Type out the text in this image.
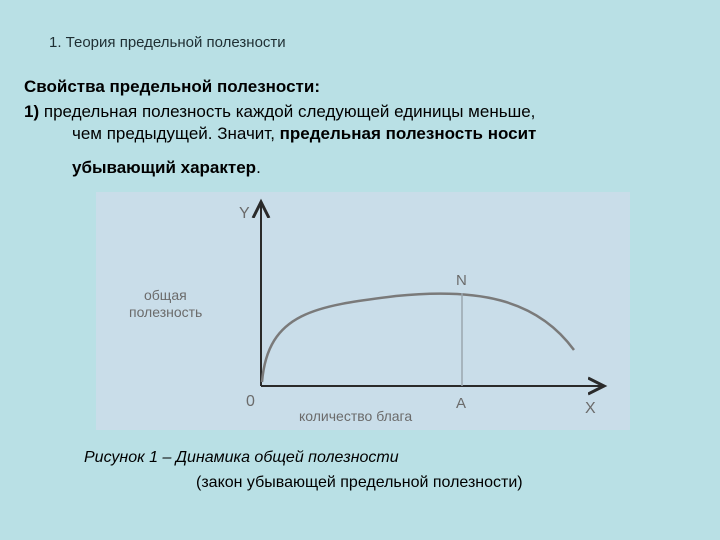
1. Теория предельной полезности
Свойства предельной полезности:
1) предельная полезность каждой следующей единицы меньше,
чем предыдущей. Значит, предельная полезность носит
убывающий характер.
Y
X
0
N
A
общая
полезность
количество блага
Рисунок 1 – Динамика общей полезности
(закон убывающей предельной полезности)
